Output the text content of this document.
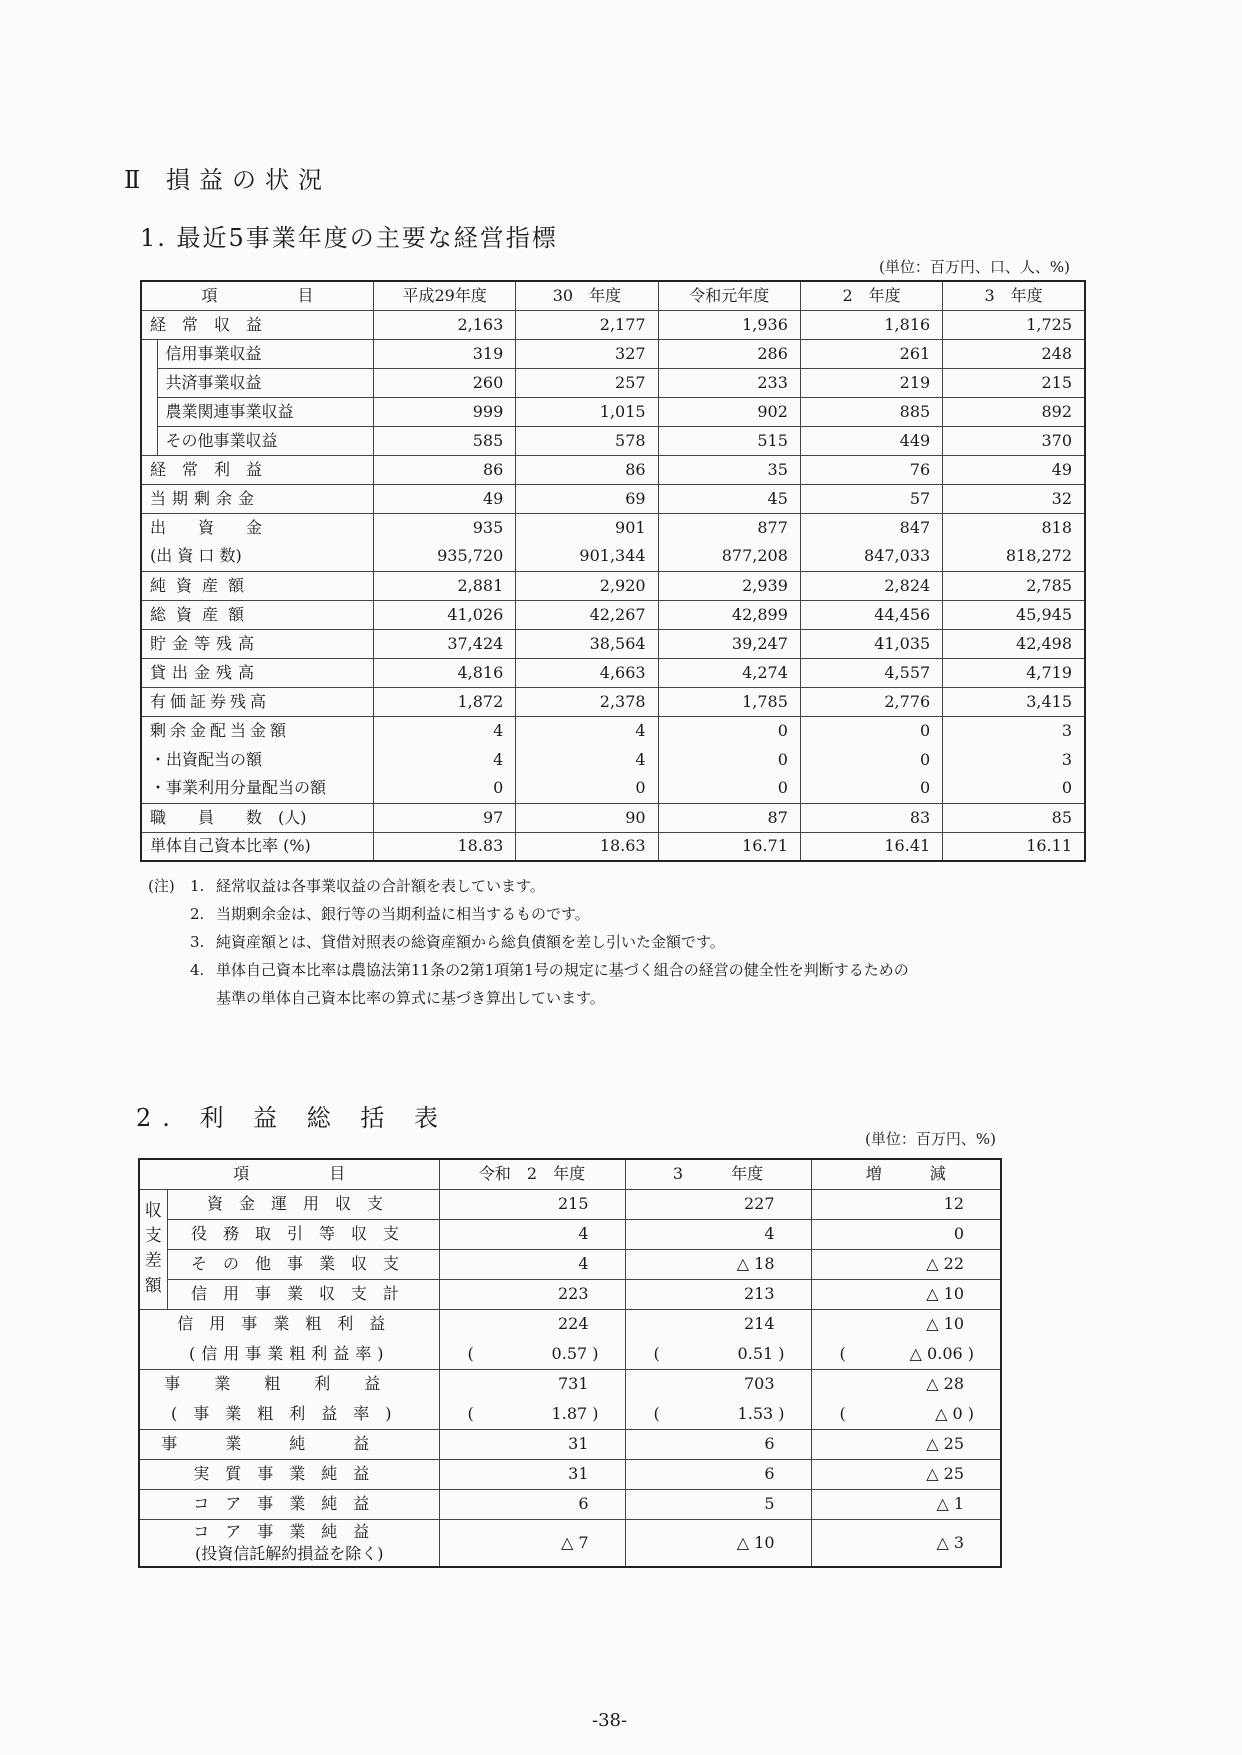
Ⅱ 損益の状況
1. 最近5事業年度の主要な経営指標
(単位：百万円、口、人、%)
項　　　　　目		平成29年度	30　年度	令和元年度	2　年度	3　年度
経　常　収　益		2,163	2,177	1,936	1,816	1,725
	信用事業収益	319	327	286	261	248
	共済事業収益	260	257	233	219	215
	農業関連事業収益	999	1,015	902	885	892
	その他事業収益	585	578	515	449	370
経　常　利　益		86	86	35	76	49
当期剰余金		49	69	45	57	32
出　　資　　金		935	901	877	847	818
(出 資 口 数)		935,720	901,344	877,208	847,033	818,272
純資産額		2,881	2,920	2,939	2,824	2,785
総資産額		41,026	42,267	42,899	44,456	45,945
貯金等残高		37,424	38,564	39,247	41,035	42,498
貸出金残高		4,816	4,663	4,274	4,557	4,719
有価証券残高		1,872	2,378	1,785	2,776	3,415
剰余金配当金額		4	4	0	0	3
・出資配当の額		4	4	0	0	3
・事業利用分量配当の額		0	0	0	0	0
職　　員　　数　(人)		97	90	87	83	85
単体自己資本比率 (%)		18.83	18.63	16.71	16.41	16.11
(注)	1. 経常収益は各事業収益の合計額を表しています。
2. 当期剰余金は、銀行等の当期利益に相当するものです。
3. 純資産額とは、貸借対照表の総資産額から総負債額を差し引いた金額です。
4. 単体自己資本比率は農協法第11条の2第1項第1号の規定に基づく組合の経営の健全性を判断するための
基準の単体自己資本比率の算式に基づき算出しています。
2. 利 益 総 括 表
(単位：百万円、%)
項　　　　　目		令和　2　年度	3　　　年度	増　　　減
収支差額	資金運用収支	215	227	12
	役務取引等収支	4	4	0
	その他事業収支	4	△ 18	△ 22
	信用事業収支計	223	213	△ 10
信用事業粗利益		224	214	△ 10
(信用事業粗利益率)		( 0.57 )	( 0.51 )	( △ 0.06 )

事業粗利益		731	703	△ 28
(事業粗利益率)		( 1.87 )	( 1.53 )	( △ 0 )

事業純益		31	6	△ 25
実質事業純益		31	6	△ 25
コア事業純益		6	5	△ 1

コア事業純益
(投資信託解約損益を除く)		△ 7	△ 10	△ 3
-38-
